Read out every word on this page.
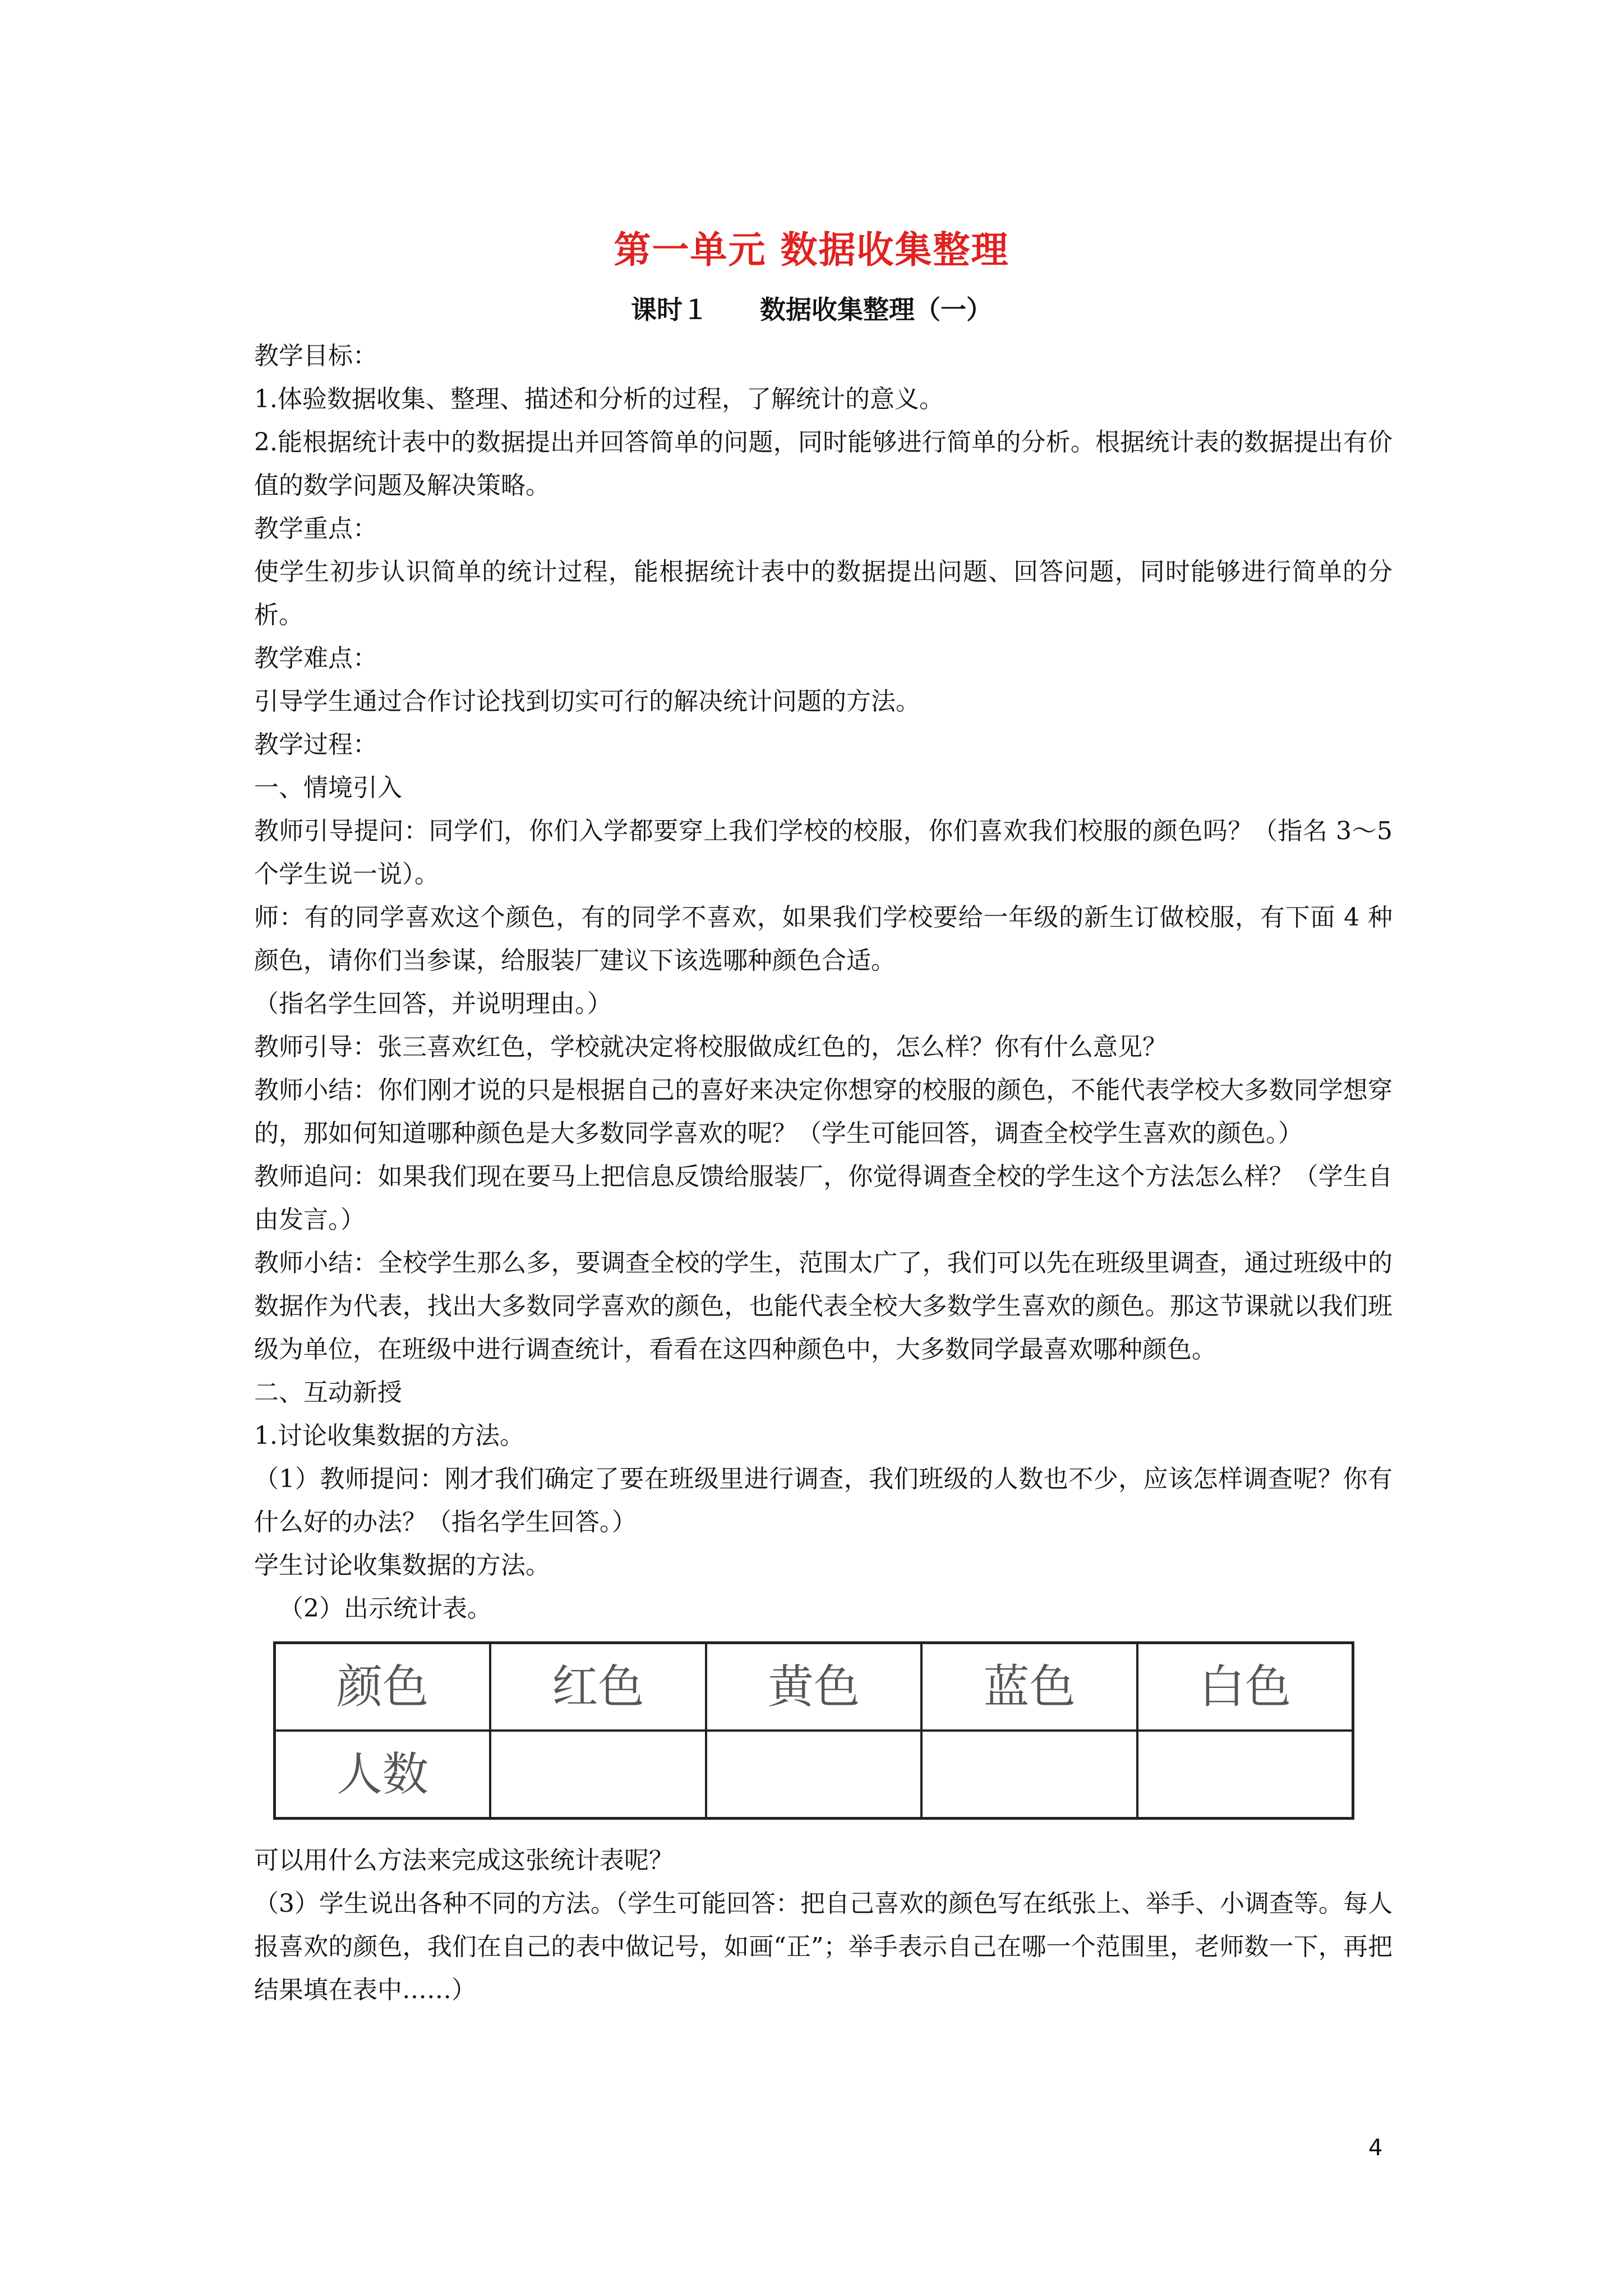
第一单元 数据收集整理
课时１　　数据收集整理（一）

教学目标：

1.体验数据收集、整理、描述和分析的过程，了解统计的意义。

2.能根据统计表中的数据提出并回答简单的问题，同时能够进行简单的分析。根据统计表的数据提出有价值的数学问题及解决策略。

教学重点：

使学生初步认识简单的统计过程，能根据统计表中的数据提出问题、回答问题，同时能够进行简单的分析。

教学难点：

引导学生通过合作讨论找到切实可行的解决统计问题的方法。

教学过程：

一、情境引入

教师引导提问：同学们，你们入学都要穿上我们学校的校服，你们喜欢我们校服的颜色吗？（指名 3～5 个学生说一说）。

师：有的同学喜欢这个颜色，有的同学不喜欢，如果我们学校要给一年级的新生订做校服，有下面 4 种颜色，请你们当参谋，给服装厂建议下该选哪种颜色合适。

（指名学生回答，并说明理由。）

教师引导：张三喜欢红色，学校就决定将校服做成红色的，怎么样？你有什么意见？

教师小结：你们刚才说的只是根据自己的喜好来决定你想穿的校服的颜色，不能代表学校大多数同学想穿的，那如何知道哪种颜色是大多数同学喜欢的呢？（学生可能回答，调查全校学生喜欢的颜色。）

教师追问：如果我们现在要马上把信息反馈给服装厂，你觉得调查全校的学生这个方法怎么样？（学生自由发言。）

教师小结：全校学生那么多，要调查全校的学生，范围太广了，我们可以先在班级里调查，通过班级中的数据作为代表，找出大多数同学喜欢的颜色，也能代表全校大多数学生喜欢的颜色。那这节课就以我们班级为单位，在班级中进行调查统计，看看在这四种颜色中，大多数同学最喜欢哪种颜色。

二、互动新授

1.讨论收集数据的方法。

（1）教师提问：刚才我们确定了要在班级里进行调查，我们班级的人数也不少，应该怎样调查呢？你有什么好的办法？（指名学生回答。）

学生讨论收集数据的方法。

（2）出示统计表。

颜色	红色	黄色	蓝色	白色
人数				

可以用什么方法来完成这张统计表呢？

（3）学生说出各种不同的方法。（学生可能回答：把自己喜欢的颜色写在纸张上、举手、小调查等。每人报喜欢的颜色，我们在自己的表中做记号，如画“正”；举手表示自己在哪一个范围里，老师数一下，再把结果填在表中……）

4
